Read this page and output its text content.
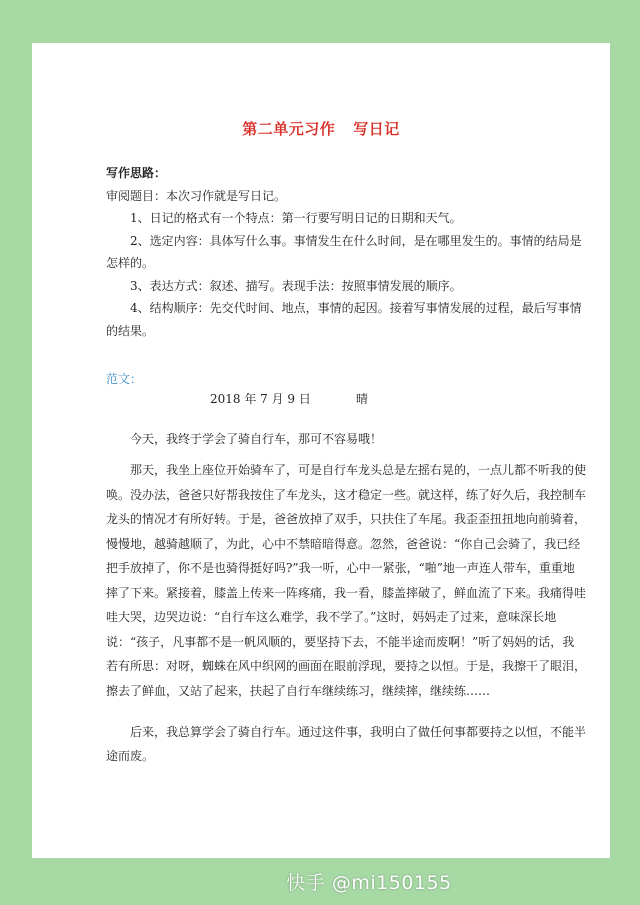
第二单元习作 写日记
写作思路：
审阅题目：本次习作就是写日记。
1、日记的格式有一个特点：第一行要写明日记的日期和天气。
2、选定内容：具体写什么事。事情发生在什么时间，是在哪里发生的。事情的结局是怎样的。
3、表达方式：叙述、描写。表现手法：按照事情发展的顺序。
4、结构顺序：先交代时间、地点，事情的起因。接着写事情发展的过程，最后写事情的结果。
范文：
2018 年 7 月 9 日	晴
今天，我终于学会了骑自行车，那可不容易哦！
那天，我坐上座位开始骑车了，可是自行车龙头总是左摇右晃的，一点儿都不听我的使唤。没办法，爸爸只好帮我按住了车龙头，这才稳定一些。就这样，练了好久后，我控制车龙头的情况才有所好转。于是，爸爸放掉了双手，只扶住了车尾。我歪歪扭扭地向前骑着，慢慢地，越骑越顺了，为此，心中不禁暗暗得意。忽然，爸爸说：“你自己会骑了，我已经把手放掉了，你不是也骑得挺好吗?”我一听，心中一紧张，“啪”地一声连人带车，重重地摔了下来。紧接着，膝盖上传来一阵疼痛，我一看，膝盖摔破了，鲜血流了下来。我痛得哇哇大哭，边哭边说：“自行车这么难学，我不学了。”这时，妈妈走了过来，意味深长地说：“孩子，凡事都不是一帆风顺的，要坚持下去，不能半途而废啊！”听了妈妈的话，我若有所思：对呀，蜘蛛在风中织网的画面在眼前浮现，要持之以恒。于是，我擦干了眼泪，擦去了鲜血，又站了起来，扶起了自行车继续练习，继续摔，继续练……
后来，我总算学会了骑自行车。通过这件事，我明白了做任何事都要持之以恒，不能半途而废。
快手 @mi150155
